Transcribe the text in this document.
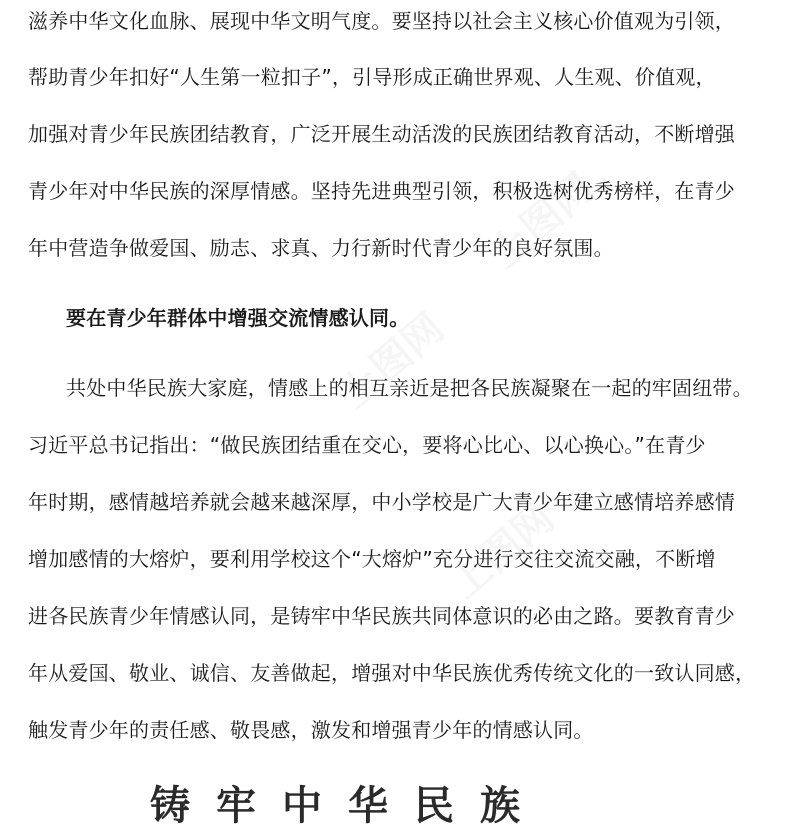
上图网
上图网
上图网
滋养中华文化血脉、展现中华文明气度。要坚持以社会主义核心价值观为引领，
帮助青少年扣好“人生第一粒扣子”，引导形成正确世界观、人生观、价值观，
加强对青少年民族团结教育，广泛开展生动活泼的民族团结教育活动，不断增强
青少年对中华民族的深厚情感。坚持先进典型引领，积极选树优秀榜样，在青少
年中营造争做爱国、励志、求真、力行新时代青少年的良好氛围。
要在青少年群体中增强交流情感认同。
共处中华民族大家庭，情感上的相互亲近是把各民族凝聚在一起的牢固纽带。
习近平总书记指出：“做民族团结重在交心，要将心比心、以心换心。”在青少
年时期，感情越培养就会越来越深厚，中小学校是广大青少年建立感情培养感情
增加感情的大熔炉，要利用学校这个“大熔炉”充分进行交往交流交融，不断增
进各民族青少年情感认同，是铸牢中华民族共同体意识的必由之路。要教育青少
年从爱国、敬业、诚信、友善做起，增强对中华民族优秀传统文化的一致认同感，
触发青少年的责任感、敬畏感，激发和增强青少年的情感认同。
铸牢中华民族
